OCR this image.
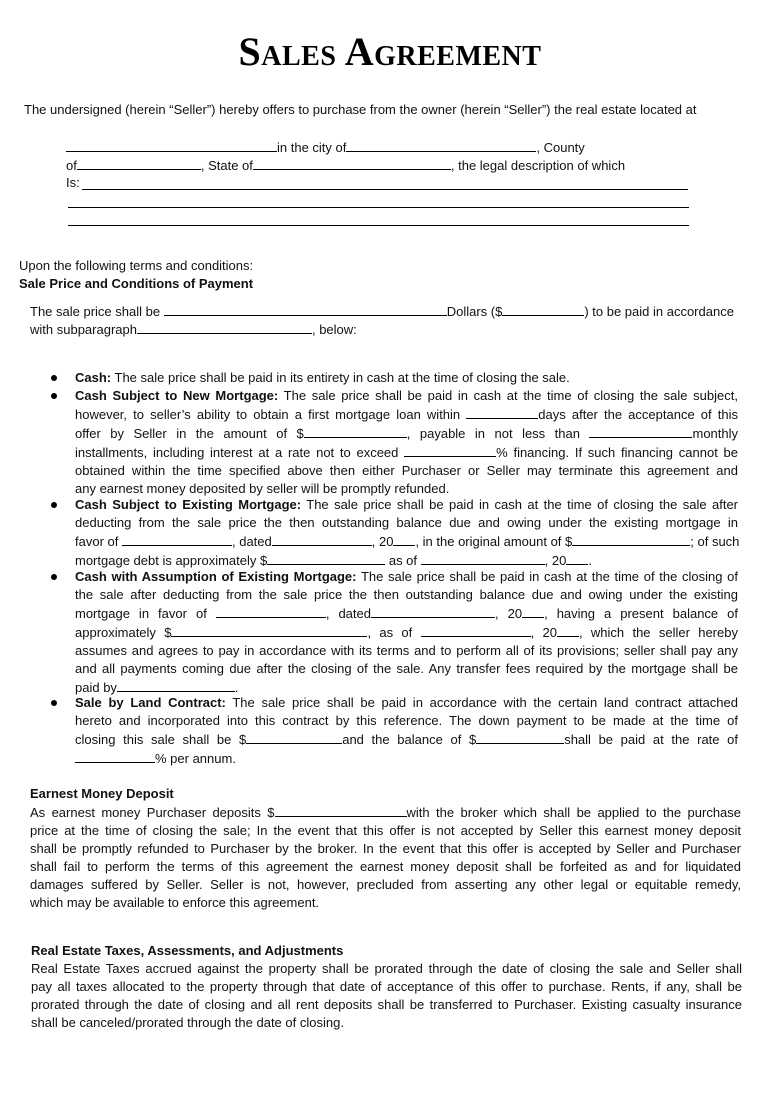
Sales Agreement
The undersigned (herein “Seller”) hereby offers to purchase from the owner (herein “Seller”) the real estate located at
in the city of	, County
of	, State of	, the legal description of which
Is:
Upon the following terms and conditions:
Sale Price and Conditions of Payment
The sale price shall be	Dollars ($	) to be paid in accordance
with subparagraph	, below:
Cash: The sale price shall be paid in its entirety in cash at the time of closing the sale.
Cash Subject to New Mortgage: The sale price shall be paid in cash at the time of closing the sale subject,
however, to seller’s ability to obtain a first mortgage loan within	days after the acceptance of this
offer by Seller in the amount of $	, payable in not less than	monthly
installments, including interest at a rate not to exceed	% financing. If such financing cannot be
obtained within the time specified above then either Purchaser or Seller may terminate this agreement and
any earnest money deposited by seller will be promptly refunded.
Cash Subject to Existing Mortgage: The sale price shall be paid in cash at the time of closing the sale after
deducting from the sale price the then outstanding balance due and owing under the existing mortgage in
favor of	, dated	, 20 , in the original amount of $	; of such
mortgage debt is approximately $	as of	, 20 .
Cash with Assumption of Existing Mortgage: The sale price shall be paid in cash at the time of the closing of
the sale after deducting from the sale price the then outstanding balance due and owing under the existing
mortgage in favor of	, dated	, 20 , having a present balance of
approximately $	, as of	, 20 , which the seller hereby
assumes and agrees to pay in accordance with its terms and to perform all of its provisions; seller shall pay any
and all payments coming due after the closing of the sale. Any transfer fees required by the mortgage shall be
paid by	.
Sale by Land Contract: The sale price shall be paid in accordance with the certain land contract attached
hereto and incorporated into this contract by this reference. The down payment to be made at the time of
closing this sale shall be $	and the balance of $	shall be paid at the rate of
% per annum.
Earnest Money Deposit
As earnest money Purchaser deposits $	with the broker which shall be applied to the purchase
price at the time of closing the sale; In the event that this offer is not accepted by Seller this earnest money deposit
shall be promptly refunded to Purchaser by the broker. In the event that this offer is accepted by Seller and Purchaser
shall fail to perform the terms of this agreement the earnest money deposit shall be forfeited as and for liquidated
damages suffered by Seller. Seller is not, however, precluded from asserting any other legal or equitable remedy,
which may be available to enforce this agreement.
Real Estate Taxes, Assessments, and Adjustments
Real Estate Taxes accrued against the property shall be prorated through the date of closing the sale and Seller shall
pay all taxes allocated to the property through that date of acceptance of this offer to purchase. Rents, if any, shall be
prorated through the date of closing and all rent deposits shall be transferred to Purchaser. Existing casualty insurance
shall be canceled/prorated through the date of closing.
